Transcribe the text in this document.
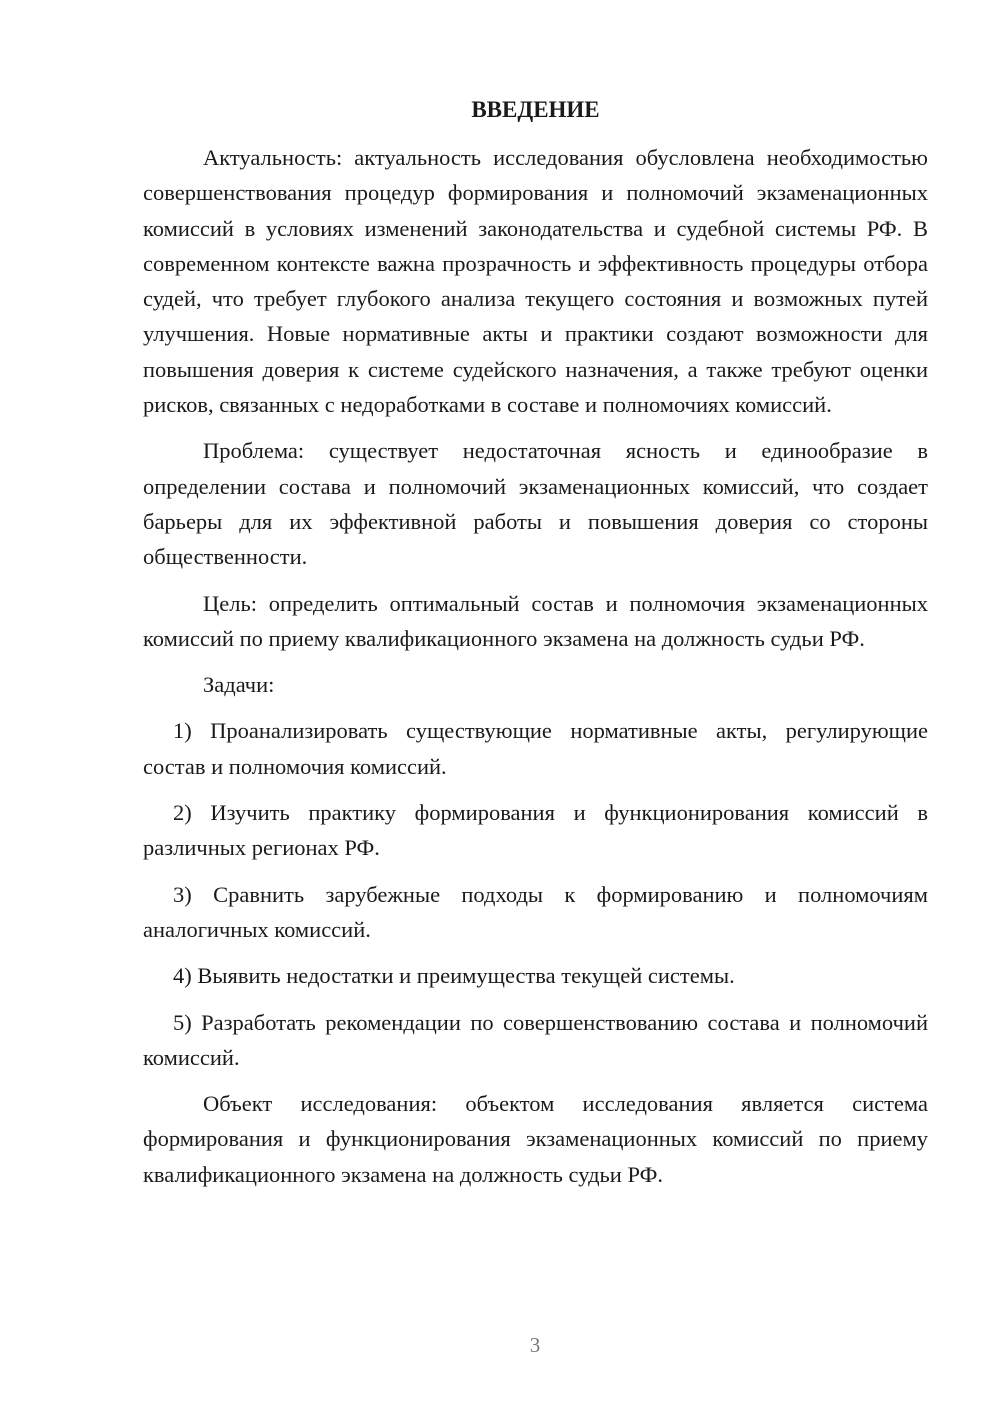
ВВЕДЕНИЕ

Актуальность: актуальность исследования обусловлена необходимостью совершенствования процедур формирования и полномочий экзаменационных комиссий в условиях изменений законодательства и судебной системы РФ. В современном контексте важна прозрачность и эффективность процедуры отбора судей, что требует глубокого анализа текущего состояния и возможных путей улучшения. Новые нормативные акты и практики создают возможности для повышения доверия к системе судейского назначения, а также требуют оценки рисков, связанных с недоработками в составе и полномочиях комиссий.

Проблема: существует недостаточная ясность и единообразие в определении состава и полномочий экзаменационных комиссий, что создает барьеры для их эффективной работы и повышения доверия со стороны общественности.

Цель: определить оптимальный состав и полномочия экзаменационных комиссий по приему квалификационного экзамена на должность судьи РФ.

Задачи:

1) Проанализировать существующие нормативные акты, регулирующие состав и полномочия комиссий.

2) Изучить практику формирования и функционирования комиссий в различных регионах РФ.

3) Сравнить зарубежные подходы к формированию и полномочиям аналогичных комиссий.

4) Выявить недостатки и преимущества текущей системы.

5) Разработать рекомендации по совершенствованию состава и полномочий комиссий.

Объект исследования: объектом исследования является система формирования и функционирования экзаменационных комиссий по приему квалификационного экзамена на должность судьи РФ.

3
